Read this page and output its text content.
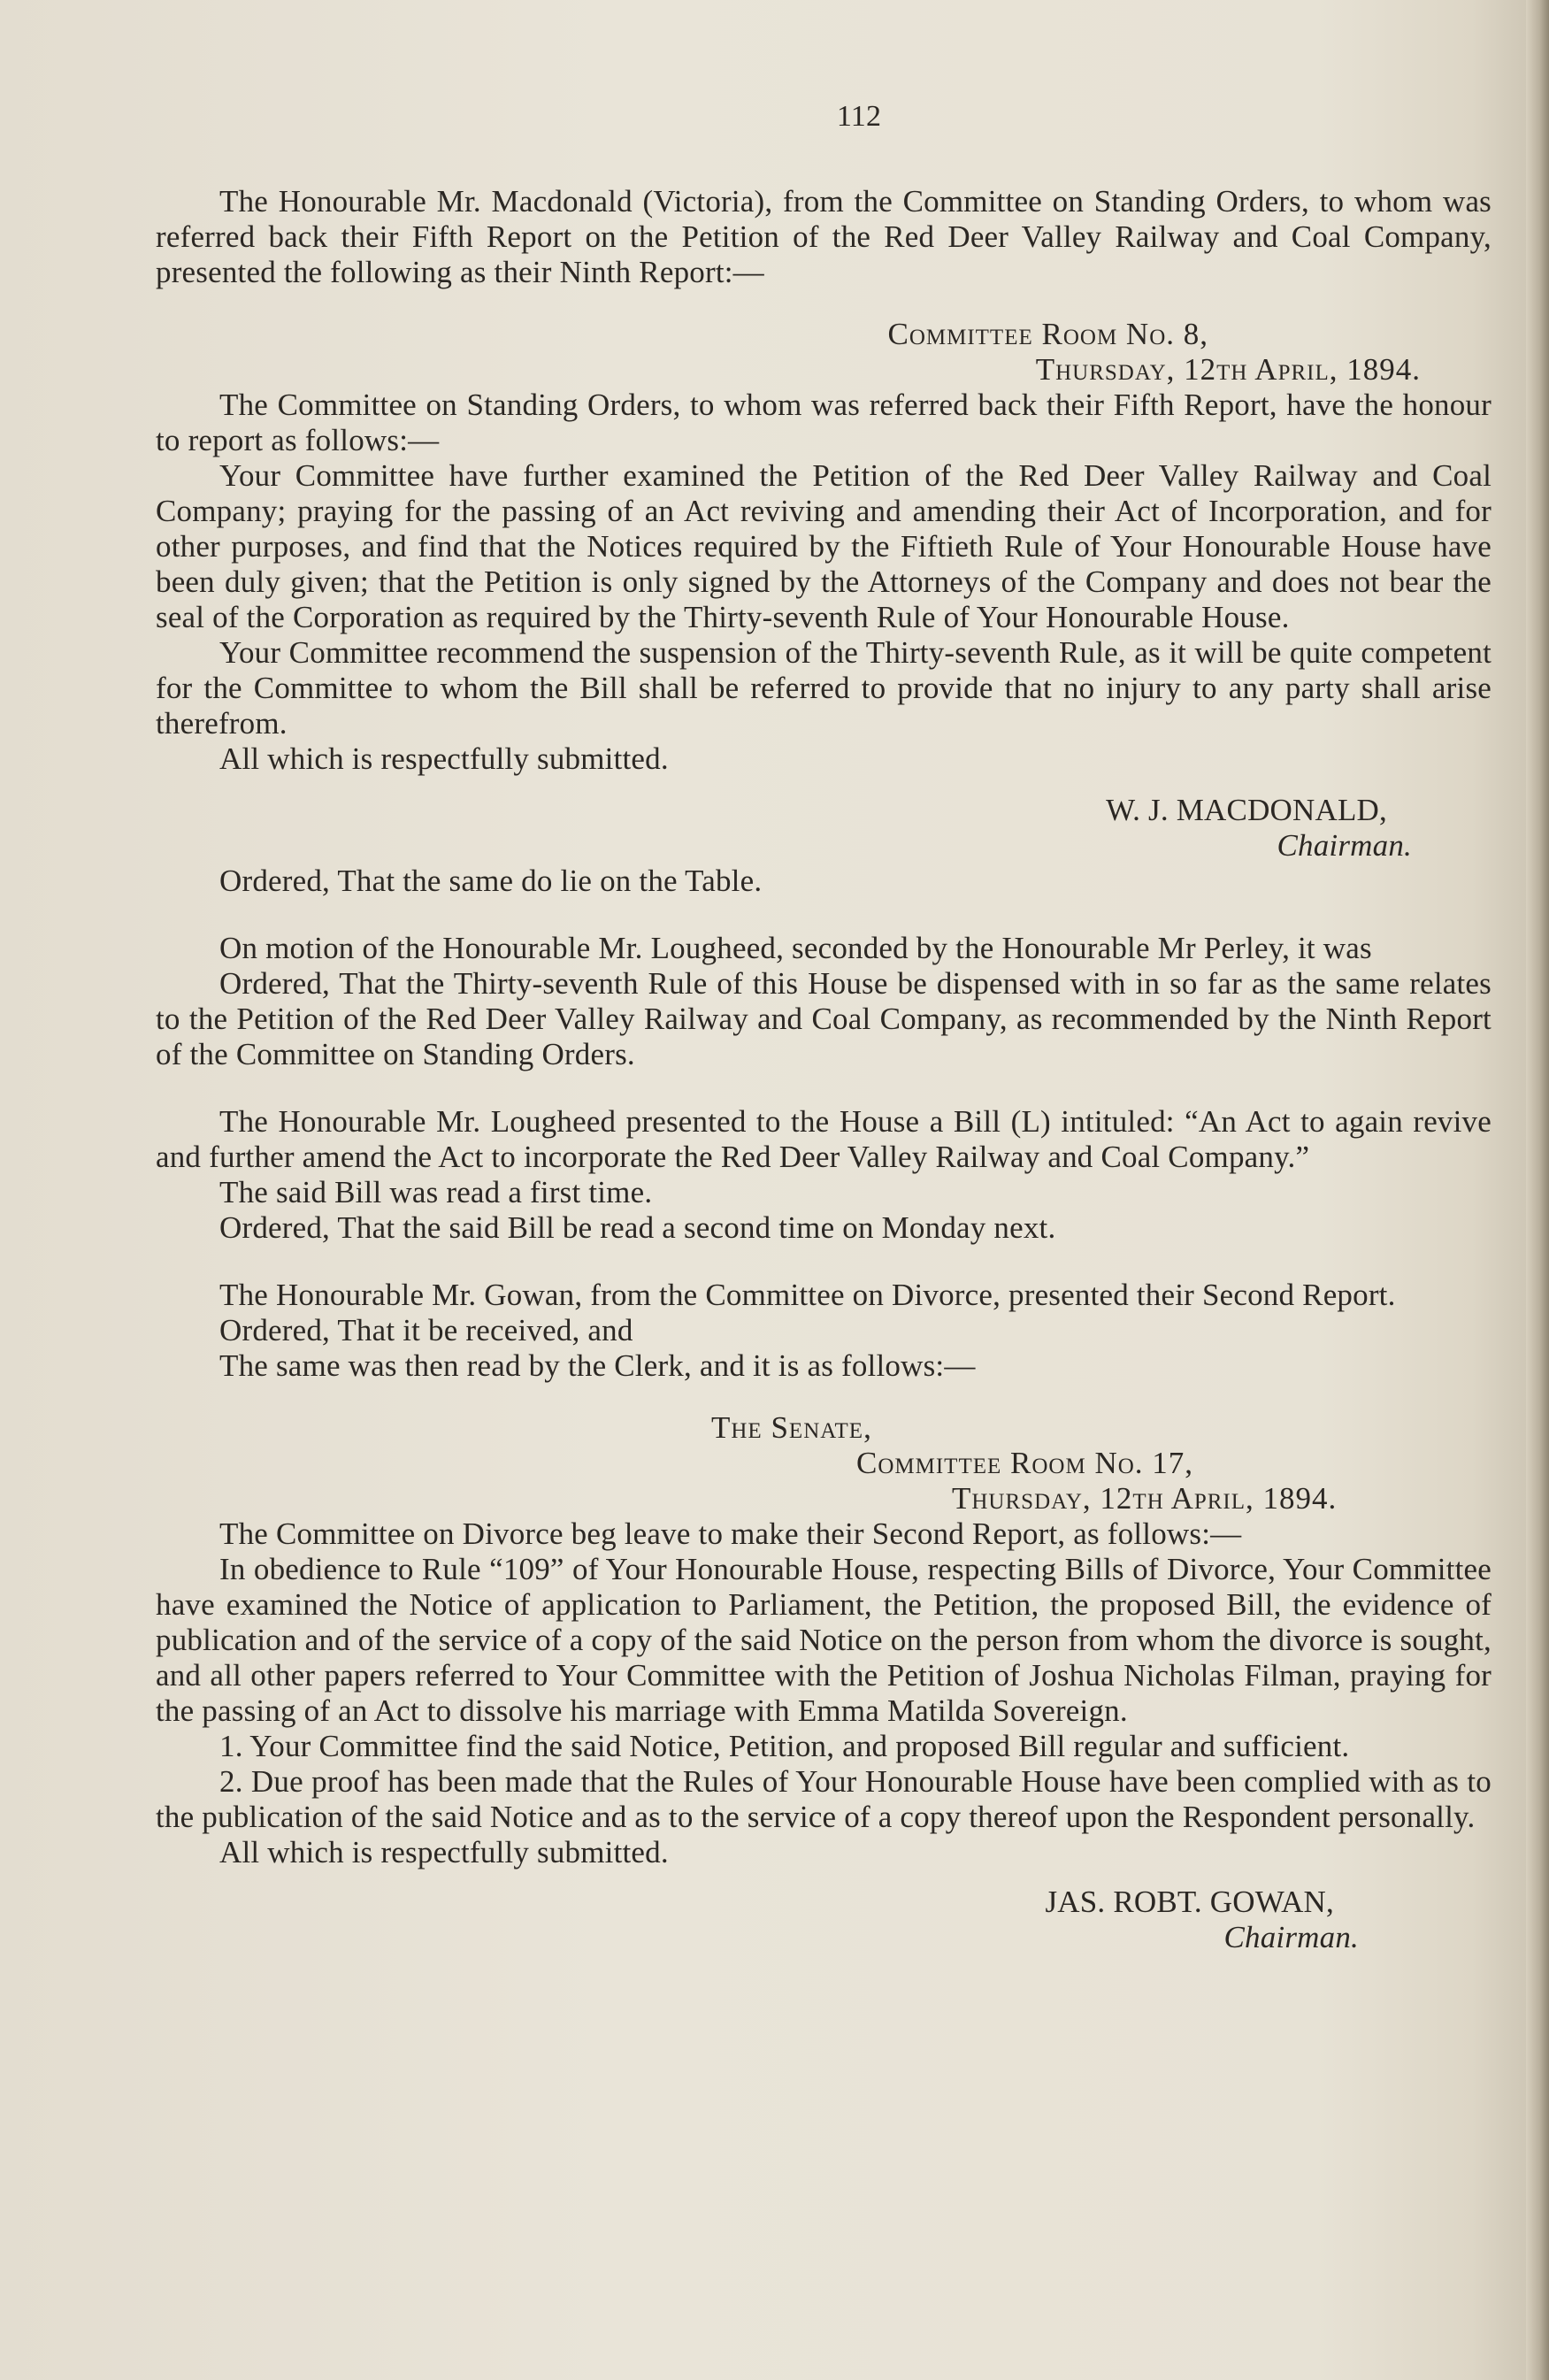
112

The Honourable Mr. Macdonald (Victoria), from the Committee on Standing Orders, to whom was referred back their Fifth Report on the Petition of the Red Deer Valley Railway and Coal Company, presented the following as their Ninth Report:—

Committee Room No. 8,
Thursday, 12th April, 1894.

The Committee on Standing Orders, to whom was referred back their Fifth Report, have the honour to report as follows:—

Your Committee have further examined the Petition of the Red Deer Valley Railway and Coal Company; praying for the passing of an Act reviving and amending their Act of Incorporation, and for other purposes, and find that the Notices required by the Fiftieth Rule of Your Honourable House have been duly given; that the Petition is only signed by the Attorneys of the Company and does not bear the seal of the Corporation as required by the Thirty-seventh Rule of Your Honourable House.

Your Committee recommend the suspension of the Thirty-seventh Rule, as it will be quite competent for the Committee to whom the Bill shall be referred to provide that no injury to any party shall arise therefrom.

All which is respectfully submitted.

W. J. MACDONALD,
Chairman.

Ordered, That the same do lie on the Table.

On motion of the Honourable Mr. Lougheed, seconded by the Honourable Mr Perley, it was

Ordered, That the Thirty-seventh Rule of this House be dispensed with in so far as the same relates to the Petition of the Red Deer Valley Railway and Coal Company, as recommended by the Ninth Report of the Committee on Standing Orders.

The Honourable Mr. Lougheed presented to the House a Bill (L) intituled: “An Act to again revive and further amend the Act to incorporate the Red Deer Valley Railway and Coal Company.”

The said Bill was read a first time.

Ordered, That the said Bill be read a second time on Monday next.

The Honourable Mr. Gowan, from the Committee on Divorce, presented their Second Report.

Ordered, That it be received, and

The same was then read by the Clerk, and it is as follows:—

The Senate,
Committee Room No. 17,
Thursday, 12th April, 1894.

The Committee on Divorce beg leave to make their Second Report, as follows:—

In obedience to Rule “109” of Your Honourable House, respecting Bills of Divorce, Your Committee have examined the Notice of application to Parliament, the Petition, the proposed Bill, the evidence of publication and of the service of a copy of the said Notice on the person from whom the divorce is sought, and all other papers referred to Your Committee with the Petition of Joshua Nicholas Filman, praying for the passing of an Act to dissolve his marriage with Emma Matilda Sovereign.

1. Your Committee find the said Notice, Petition, and proposed Bill regular and sufficient.

2. Due proof has been made that the Rules of Your Honourable House have been complied with as to the publication of the said Notice and as to the service of a copy thereof upon the Respondent personally.

All which is respectfully submitted.

JAS. ROBT. GOWAN,
Chairman.
